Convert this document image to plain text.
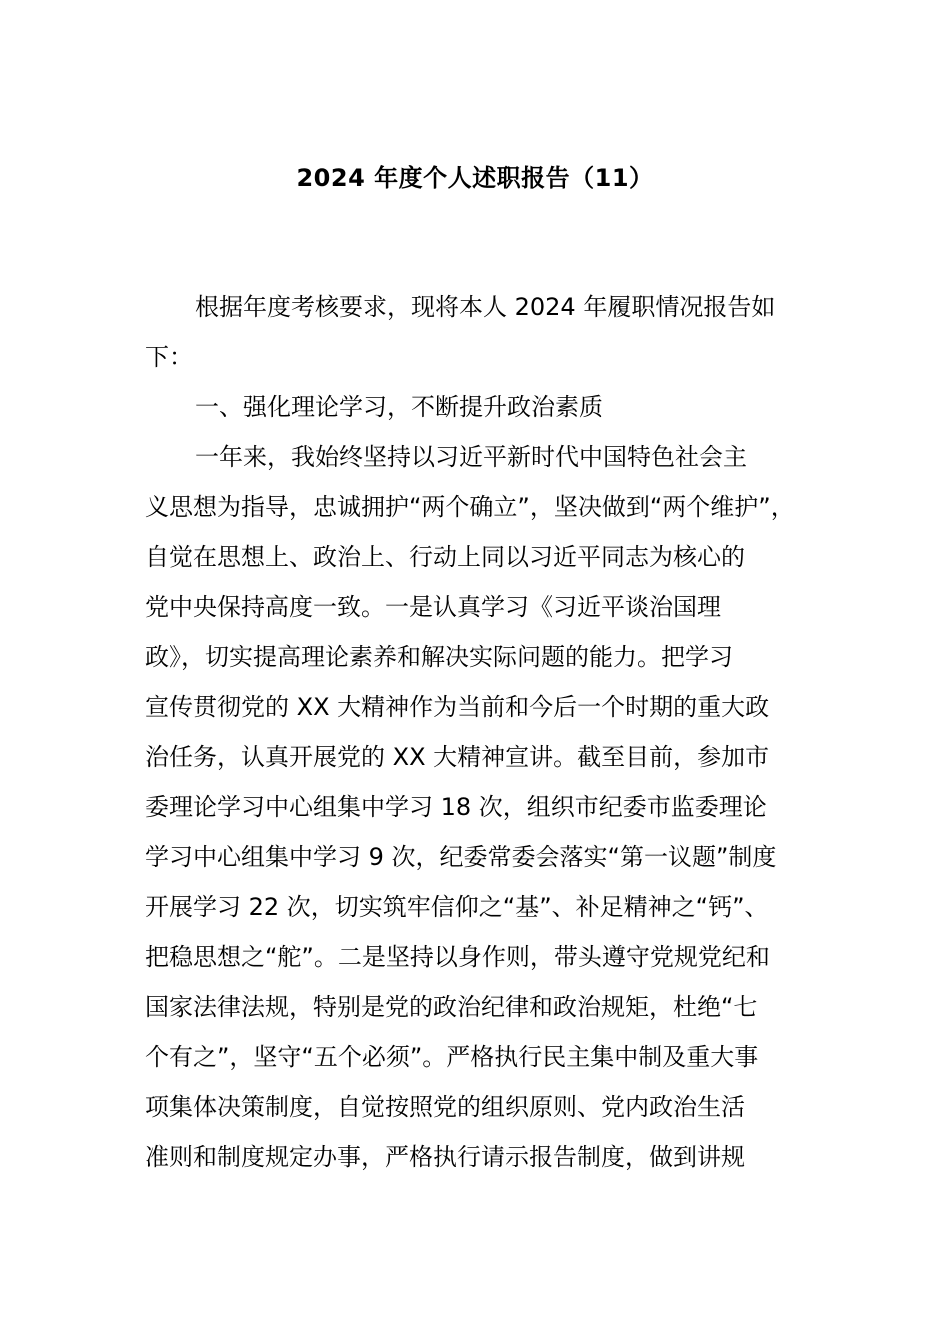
2024 年度个人述职报告（11）

根据年度考核要求，现将本人 2024 年履职情况报告如
下：

一、强化理论学习，不断提升政治素质

一年来，我始终坚持以习近平新时代中国特色社会主
义思想为指导，忠诚拥护“两个确立”，坚决做到“两个维护”，
自觉在思想上、政治上、行动上同以习近平同志为核心的
党中央保持高度一致。一是认真学习《习近平谈治国理
政》，切实提高理论素养和解决实际问题的能力。把学习
宣传贯彻党的 XX 大精神作为当前和今后一个时期的重大政
治任务，认真开展党的 XX 大精神宣讲。截至目前，参加市
委理论学习中心组集中学习 18 次，组织市纪委市监委理论
学习中心组集中学习 9 次，纪委常委会落实“第一议题”制度
开展学习 22 次，切实筑牢信仰之“基”、补足精神之“钙”、
把稳思想之“舵”。二是坚持以身作则，带头遵守党规党纪和
国家法律法规，特别是党的政治纪律和政治规矩，杜绝“七
个有之”，坚守“五个必须”。严格执行民主集中制及重大事
项集体决策制度，自觉按照党的组织原则、党内政治生活
准则和制度规定办事，严格执行请示报告制度，做到讲规
